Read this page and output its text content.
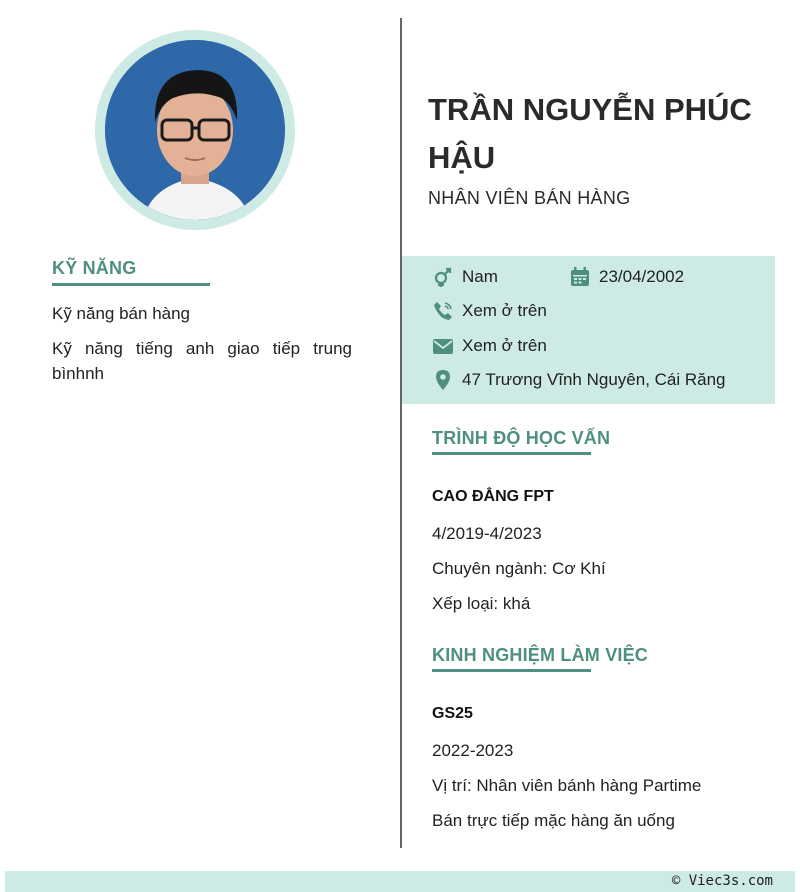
KỸ NĂNG
Kỹ năng bán hàng
Kỹ năng tiếng anh giao tiếp trung bìnhnh
TRẦN NGUYỄN PHÚC HẬU
NHÂN VIÊN BÁN HÀNG
Nam	23/04/2002
Xem ở trên
Xem ở trên
47 Trương Vĩnh Nguyên, Cái Răng
TRÌNH ĐỘ HỌC VẤN
CAO ĐẲNG FPT
4/2019-4/2023
Chuyên ngành: Cơ Khí
Xếp loại: khá
KINH NGHIỆM LÀM VIỆC
GS25
2022-2023
Vị trí: Nhân viên bánh hàng Partime
Bán trực tiếp mặc hàng ăn uống
© Viec3s.com
